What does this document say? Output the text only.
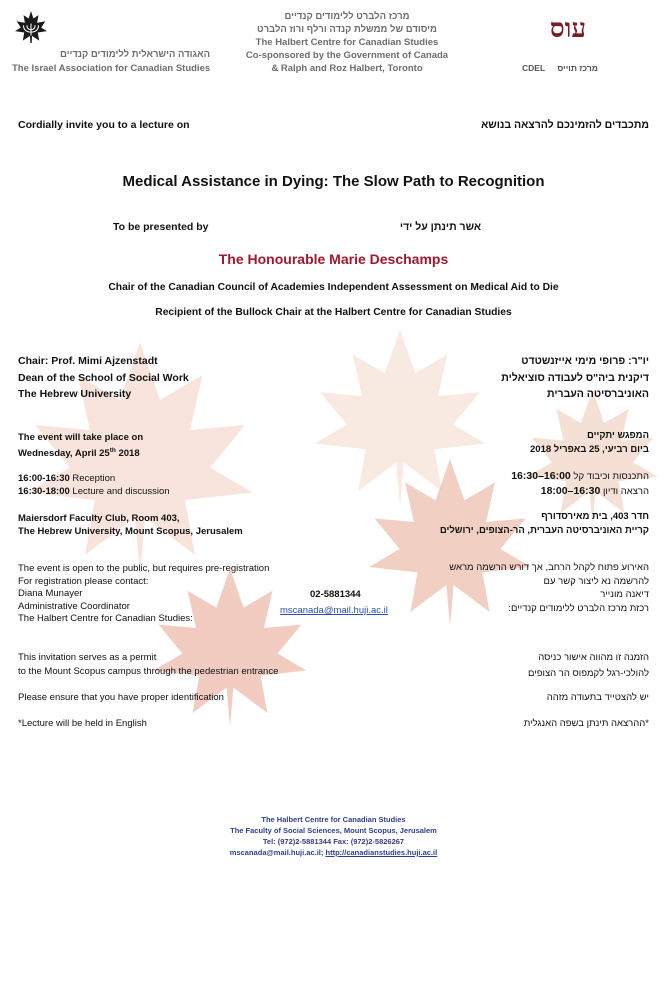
האגודה הישראלית ללימודים קנדיים
The Israel Association for Canadian Studies
מרכז הלברט ללימודים קנדיים
מיסודם של ממשלת קנדה ורלף ורוז הלברט
The Halbert Centre for Canadian Studies
Co-sponsored by the Government of Canada
& Ralph and Roz Halbert, Toronto
עוס
CDEL מרכז תוייס
Cordially invite you to a lecture on	מתכבדים להזמינכם להרצאה בנושא
Medical Assistance in Dying: The Slow Path to Recognition
To be presented by	אשר תינתן על ידי
The Honourable Marie Deschamps
Chair of the Canadian Council of Academies Independent Assessment on Medical Aid to Die
Recipient of the Bullock Chair at the Halbert Centre for Canadian Studies
Chair: Prof. Mimi Ajzenstadt
Dean of the School of Social Work
The Hebrew University
יו"ר: פרופי מימי אייזנשטדט
דיקנית ביה"ס לעבודה סוציאלית
האוניברסיטה העברית
The event will take place on
Wednesday, April 25th 2018
המפגש יתקיים
ביום רביעי, 25 באפריל 2018
16:00-16:30 Reception
16:30-18:00 Lecture and discussion
התכנסות וכיבוד קל 16:00–16:30
הרצאה ודיון 16:30–18:00
Maiersdorf Faculty Club, Room 403,
The Hebrew University, Mount Scopus, Jerusalem
חדר 403, בית מאירסדורף
קריית האוניברסיטה העברית, הר-הצופים, ירושלים
The event is open to the public, but requires pre-registration
For registration please contact:
Diana Munayer
Administrative Coordinator
The Halbert Centre for Canadian Studies:
02-5881344
mscanada@mail.huji.ac.il
האירוע פתוח לקהל הרחב, אך דורש הרשמה מראש
להרשמה נא ליצור קשר עם
דיאנה מונייר
רכזת מרכז הלברט ללימודים קנדיים:
This invitation serves as a permit
to the Mount Scopus campus through the pedestrian entrance
הזמנה זו מהווה אישור כניסה
להולכי-רגל לקמפוס הר הצופים
Please ensure that you have proper identification	יש להצטייד בתעודה מזהה
*Lecture will be held in English	*ההרצאה תינתן בשפה האנגלית
The Halbert Centre for Canadian Studies
The Faculty of Social Sciences, Mount Scopus, Jerusalem
Tel: (972)2-5881344 Fax: (972)2-5826267
mscanada@mail.huji.ac.il; http://canadianstudies.huji.ac.il
